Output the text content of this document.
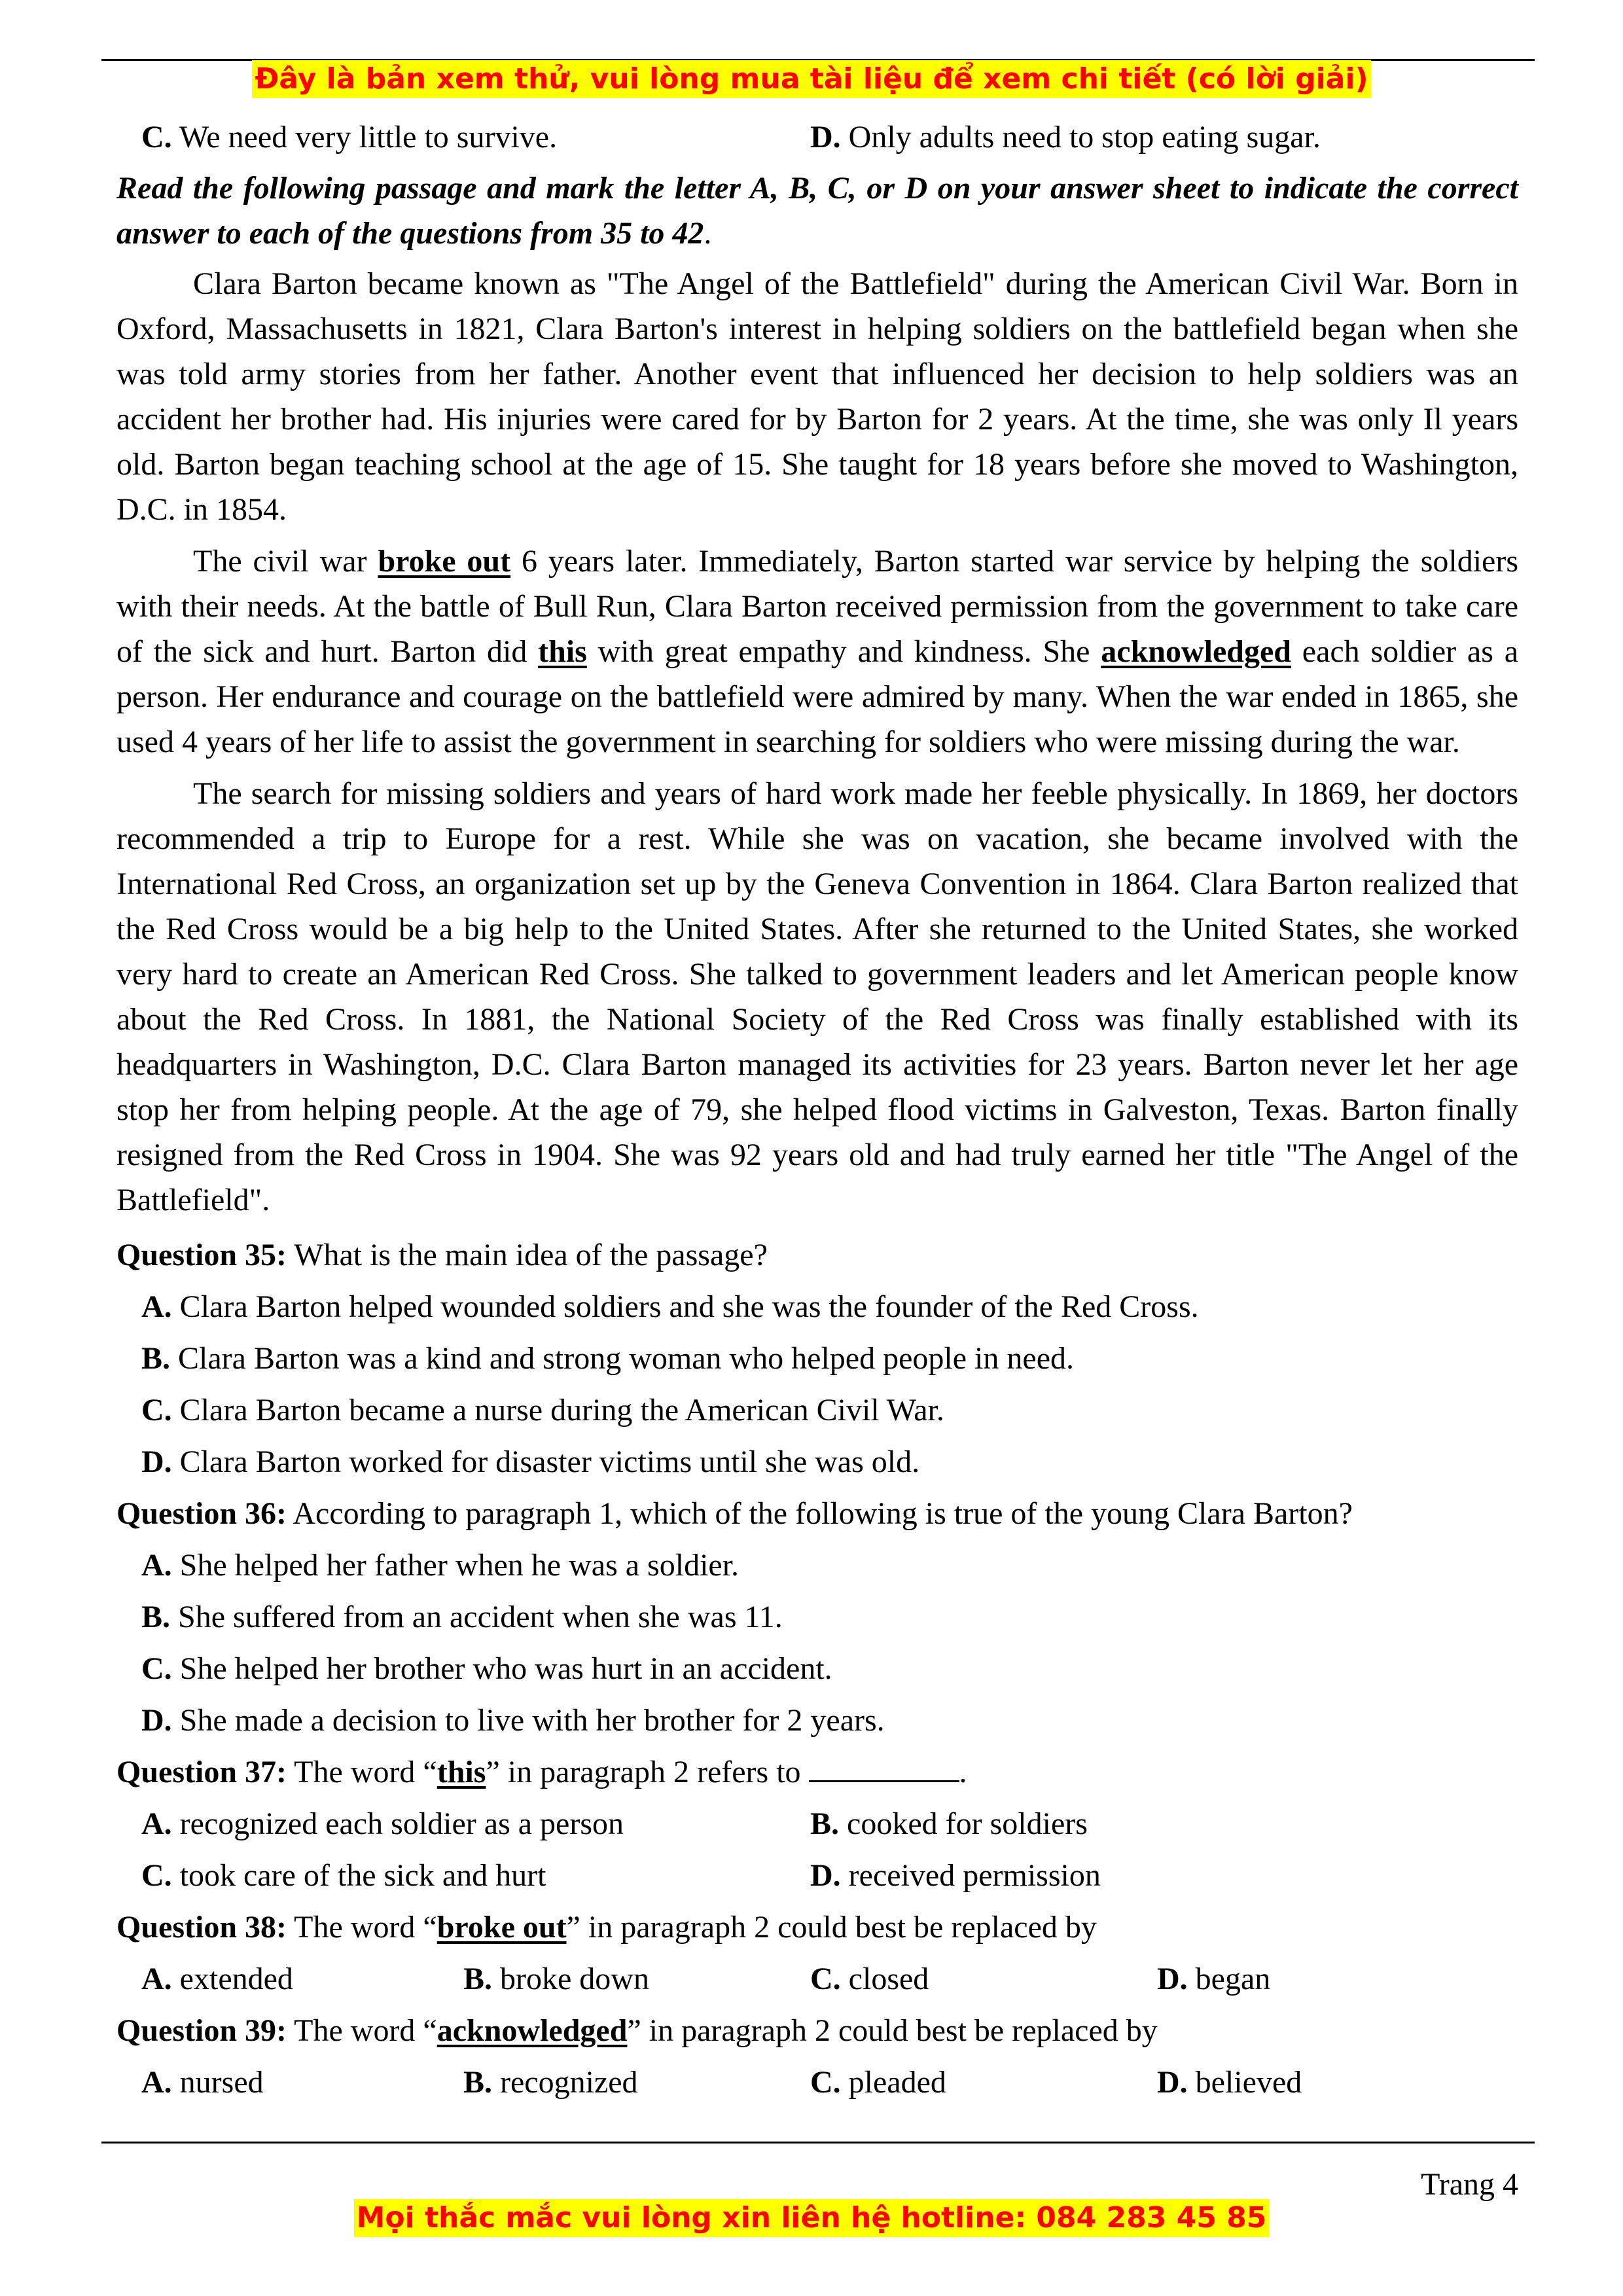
Đây là bản xem thử, vui lòng mua tài liệu để xem chi tiết (có lời giải)
C. We need very little to survive.	D. Only adults need to stop eating sugar.

Read the following passage and mark the letter A, B, C, or D on your answer sheet to indicate the correct answer to each of the questions from 35 to 42.

Clara Barton became known as "The Angel of the Battlefield" during the American Civil War. Born in Oxford, Massachusetts in 1821, Clara Barton's interest in helping soldiers on the battlefield began when she was told army stories from her father. Another event that influenced her decision to help soldiers was an accident her brother had. His injuries were cared for by Barton for 2 years. At the time, she was only Il years old. Barton began teaching school at the age of 15. She taught for 18 years before she moved to Washington, D.C. in 1854.

The civil war broke out 6 years later. Immediately, Barton started war service by helping the soldiers with their needs. At the battle of Bull Run, Clara Barton received permission from the government to take care of the sick and hurt. Barton did this with great empathy and kindness. She acknowledged each soldier as a person. Her endurance and courage on the battlefield were admired by many. When the war ended in 1865, she used 4 years of her life to assist the government in searching for soldiers who were missing during the war.

The search for missing soldiers and years of hard work made her feeble physically. In 1869, her doctors recommended a trip to Europe for a rest. While she was on vacation, she became involved with the International Red Cross, an organization set up by the Geneva Convention in 1864. Clara Barton realized that the Red Cross would be a big help to the United States. After she returned to the United States, she worked very hard to create an American Red Cross. She talked to government leaders and let American people know about the Red Cross. In 1881, the National Society of the Red Cross was finally established with its headquarters in Washington, D.C. Clara Barton managed its activities for 23 years. Barton never let her age stop her from helping people. At the age of 79, she helped flood victims in Galveston, Texas. Barton finally resigned from the Red Cross in 1904. She was 92 years old and had truly earned her title "The Angel of the Battlefield".

Question 35: What is the main idea of the passage?
A. Clara Barton helped wounded soldiers and she was the founder of the Red Cross.
B. Clara Barton was a kind and strong woman who helped people in need.
C. Clara Barton became a nurse during the American Civil War.
D. Clara Barton worked for disaster victims until she was old.
Question 36: According to paragraph 1, which of the following is true of the young Clara Barton?
A. She helped her father when he was a soldier.
B. She suffered from an accident when she was 11.
C. She helped her brother who was hurt in an accident.
D. She made a decision to live with her brother for 2 years.
Question 37: The word “this” in paragraph 2 refers to	.
A. recognized each soldier as a person	B. cooked for soldiers
C. took care of the sick and hurt	D. received permission
Question 38: The word “broke out” in paragraph 2 could best be replaced by
A. extended	B. broke down	C. closed	D. began
Question 39: The word “acknowledged” in paragraph 2 could best be replaced by
A. nursed	B. recognized	C. pleaded	D. believed
Trang 4
Mọi thắc mắc vui lòng xin liên hệ hotline: 084 283 45 85
